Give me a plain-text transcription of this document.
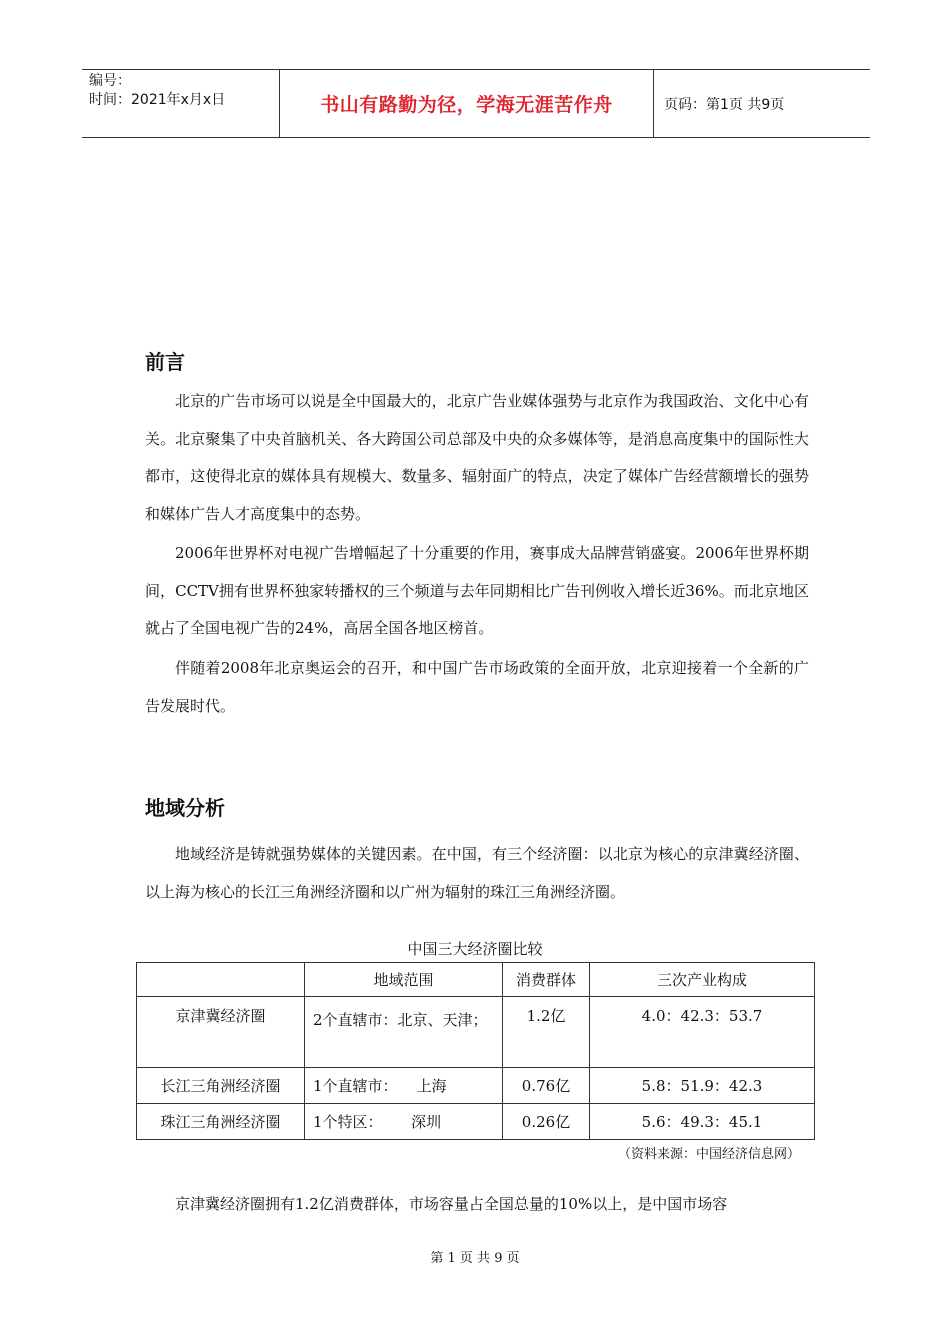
编号：
时间：2021年x月x日	书山有路勤为径，学海无涯苦作舟	页码：第1页 共9页
前言

北京的广告市场可以说是全中国最大的，北京广告业媒体强势与北京作为我国政治、文化中心有关。北京聚集了中央首脑机关、各大跨国公司总部及中央的众多媒体等，是消息高度集中的国际性大都市，这使得北京的媒体具有规模大、数量多、辐射面广的特点，决定了媒体广告经营额增长的强势和媒体广告人才高度集中的态势。

2006年世界杯对电视广告增幅起了十分重要的作用，赛事成大品牌营销盛宴。2006年世界杯期间，CCTV拥有世界杯独家转播权的三个频道与去年同期相比广告刊例收入增长近36%。而北京地区就占了全国电视广告的24%，高居全国各地区榜首。

伴随着2008年北京奥运会的召开，和中国广告市场政策的全面开放，北京迎接着一个全新的广告发展时代。

地域分析

地域经济是铸就强势媒体的关键因素。在中国，有三个经济圈：以北京为核心的京津冀经济圈、以上海为核心的长江三角洲经济圈和以广州为辐射的珠江三角洲经济圈。

中国三大经济圈比较
	地域范围	消费群体	三次产业构成
京津冀经济圈	2个直辖市：北京、天津；	1.2亿	4.0：42.3：53.7
长江三角洲经济圈	1个直辖市：    上海	0.76亿	5.8：51.9：42.3
珠江三角洲经济圈	1个特区：      深圳	0.26亿	5.6：49.3：45.1
（资料来源：中国经济信息网）

京津冀经济圈拥有1.2亿消费群体，市场容量占全国总量的10%以上，是中国市场容

第 1 页 共 9 页
